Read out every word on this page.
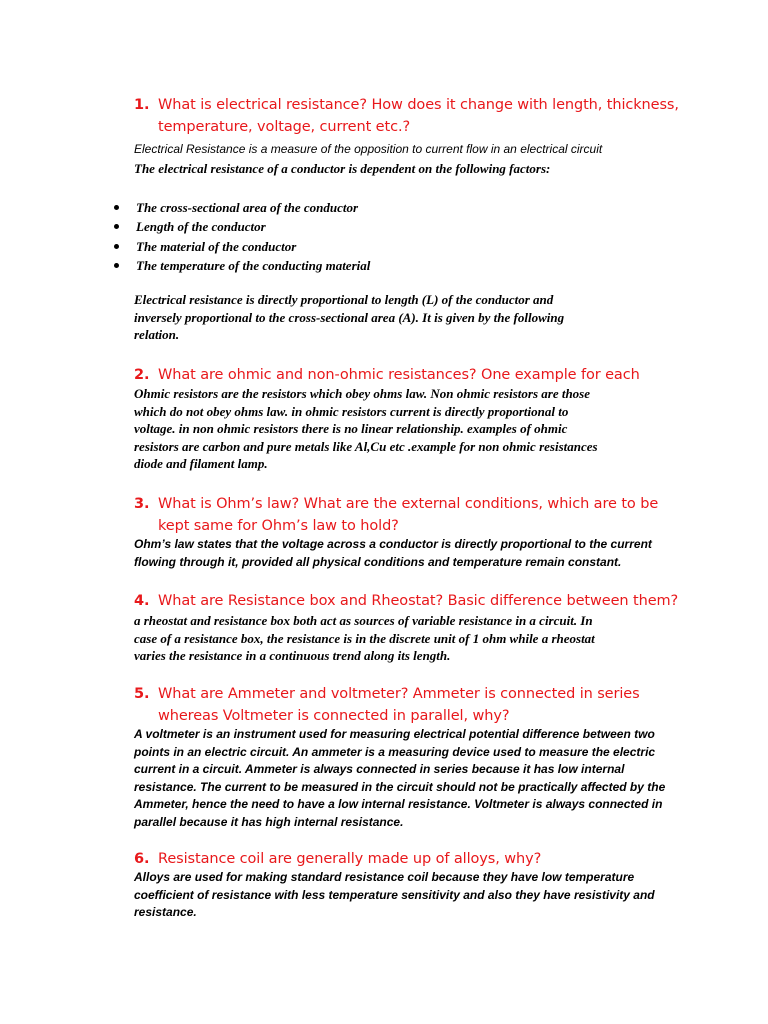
1. What is electrical resistance? How does it change with length, thickness,
temperature, voltage, current etc.?
Electrical Resistance is a measure of the opposition to current flow in an electrical circuit
The electrical resistance of a conductor is dependent on the following factors:
The cross-sectional area of the conductor
Length of the conductor
The material of the conductor
The temperature of the conducting material
Electrical resistance is directly proportional to length (L) of the conductor and
inversely proportional to the cross-sectional area (A). It is given by the following
relation.
2. What are ohmic and non-ohmic resistances? One example for each
Ohmic resistors are the resistors which obey ohms law. Non ohmic resistors are those
which do not obey ohms law. in ohmic resistors current is directly proportional to
voltage. in non ohmic resistors there is no linear relationship. examples of ohmic
resistors are carbon and pure metals like Al,Cu etc .example for non ohmic resistances
diode and filament lamp.
3. What is Ohm’s law? What are the external conditions, which are to be
kept same for Ohm’s law to hold?
Ohm’s law states that the voltage across a conductor is directly proportional to the current
flowing through it, provided all physical conditions and temperature remain constant.
4. What are Resistance box and Rheostat? Basic difference between them?
a rheostat and resistance box both act as sources of variable resistance in a circuit. In
case of a resistance box, the resistance is in the discrete unit of 1 ohm while a rheostat
varies the resistance in a continuous trend along its length.
5. What are Ammeter and voltmeter? Ammeter is connected in series
whereas Voltmeter is connected in parallel, why?
A voltmeter is an instrument used for measuring electrical potential difference between two
points in an electric circuit. An ammeter is a measuring device used to measure the electric
current in a circuit. Ammeter is always connected in series because it has low internal
resistance. The current to be measured in the circuit should not be practically affected by the
Ammeter, hence the need to have a low internal resistance. Voltmeter is always connected in
parallel because it has high internal resistance.
6. Resistance coil are generally made up of alloys, why?
Alloys are used for making standard resistance coil because they have low temperature
coefficient of resistance with less temperature sensitivity and also they have resistivity and
resistance.
